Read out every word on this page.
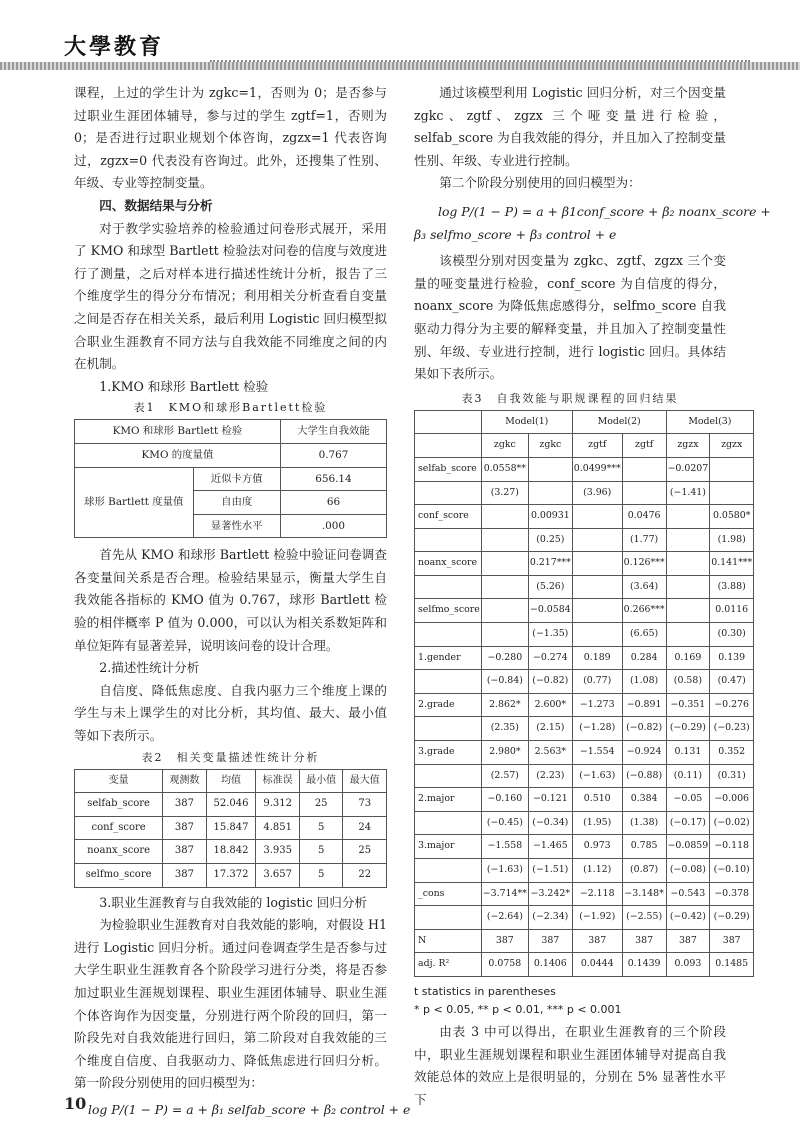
大學教育

课程，上过的学生计为 zgkc=1，否则为 0；是否参与过职业生涯团体辅导，参与过的学生 zgtf=1，否则为 0；是否进行过职业规划个体咨询，zgzx=1 代表咨询过，zgzx=0 代表没有咨询过。此外，还搜集了性别、年级、专业等控制变量。

四、数据结果与分析

对于教学实验培养的检验通过问卷形式展开，采用了 KMO 和球型 Bartlett 检验法对问卷的信度与效度进行了测量，之后对样本进行描述性统计分析，报告了三个维度学生的得分分布情况；利用相关分析查看自变量之间是否存在相关关系，最后利用 Logistic 回归模型拟合职业生涯教育不同方法与自我效能不同维度之间的内在机制。

1.KMO 和球形 Bartlett 检验

表1　KMO和球形Bartlett检验
KMO 和球形 Bartlett 检验		大学生自我效能
KMO 的度量值		0.767
球形 Bartlett 度量值	近似卡方值	656.14
	自由度	66
	显著性水平	.000

首先从 KMO 和球形 Bartlett 检验中验证问卷调查各变量间关系是否合理。检验结果显示，衡量大学生自我效能各指标的 KMO 值为 0.767，球形 Bartlett 检验的相伴概率 P 值为 0.000，可以认为相关系数矩阵和单位矩阵有显著差异，说明该问卷的设计合理。

2.描述性统计分析

自信度、降低焦虑度、自我内驱力三个维度上课的学生与未上课学生的对比分析，其均值、最大、最小值等如下表所示。

表2　相关变量描述性统计分析
变量	观测数	均值	标准误	最小值	最大值
selfab_score	387	52.046	9.312	25	73
conf_score	387	15.847	4.851	5	24
noanx_score	387	18.842	3.935	5	25
selfmo_score	387	17.372	3.657	5	22

3.职业生涯教育与自我效能的 logistic 回归分析

为检验职业生涯教育对自我效能的影响，对假设 H1 进行 Logistic 回归分析。通过问卷调查学生是否参与过大学生职业生涯教育各个阶段学习进行分类，将是否参加过职业生涯规划课程、职业生涯团体辅导、职业生涯个体咨询作为因变量，分别进行两个阶段的回归，第一阶段先对自我效能进行回归，第二阶段对自我效能的三个维度自信度、自我驱动力、降低焦虑进行回归分析。第一阶段分别使用的回归模型为：

log P/(1 − P) = a + β₁ selfab_score + β₂ control + e

通过该模型利用 Logistic 回归分析，对三个因变量 zgkc、zgtf、zgzx 三个哑变量进行检验，selfab_score 为自我效能的得分，并且加入了控制变量性别、年级、专业进行控制。

第二个阶段分别使用的回归模型为：

log P/(1 − P) = a + β1conf_score + β₂ noanx_score +

β₃ selfmo_score + β₃ control + e

该模型分别对因变量为 zgkc、zgtf、zgzx 三个变量的哑变量进行检验，conf_score 为自信度的得分，noanx_score 为降低焦虑感得分，selfmo_score 自我驱动力得分为主要的解释变量，并且加入了控制变量性别、年级、专业进行控制，进行 logistic 回归。具体结果如下表所示。

表3　自我效能与职规课程的回归结果
	Model(1)		Model(2)		Model(3)	
	zgkc	zgkc	zgtf	zgtf	zgzx	zgzx
selfab_score	0.0558**		0.0499***		−0.0207	
	(3.27)		(3.96)		(−1.41)	
conf_score		0.00931		0.0476		0.0580*
		(0.25)		(1.77)		(1.98)
noanx_score		0.217***		0.126***		0.141***
		(5.26)		(3.64)		(3.88)
selfmo_score		−0.0584		0.266***		0.0116
		(−1.35)		(6.65)		(0.30)
1.gender	−0.280	−0.274	0.189	0.284	0.169	0.139
	(−0.84)	(−0.82)	(0.77)	(1.08)	(0.58)	(0.47)
2.grade	2.862*	2.600*	−1.273	−0.891	−0.351	−0.276
	(2.35)	(2.15)	(−1.28)	(−0.82)	(−0.29)	(−0.23)
3.grade	2.980*	2.563*	−1.554	−0.924	0.131	0.352
	(2.57)	(2.23)	(−1.63)	(−0.88)	(0.11)	(0.31)
2.major	−0.160	−0.121	0.510	0.384	−0.05	−0.006
	(−0.45)	(−0.34)	(1.95)	(1.38)	(−0.17)	(−0.02)
3.major	−1.558	−1.465	0.973	0.785	−0.0859	−0.118
	(−1.63)	(−1.51)	(1.12)	(0.87)	(−0.08)	(−0.10)
_cons	−3.714**	−3.242*	−2.118	−3.148*	−0.543	−0.378
	(−2.64)	(−2.34)	(−1.92)	(−2.55)	(−0.42)	(−0.29)
N	387	387	387	387	387	387
adj. R²	0.0758	0.1406	0.0444	0.1439	0.093	0.1485

t statistics in parentheses

* p < 0.05, ** p < 0.01, *** p < 0.001

由表 3 中可以得出，在职业生涯教育的三个阶段中，职业生涯规划课程和职业生涯团体辅导对提高自我效能总体的效应上是很明显的，分别在 5% 显著性水平下

10
